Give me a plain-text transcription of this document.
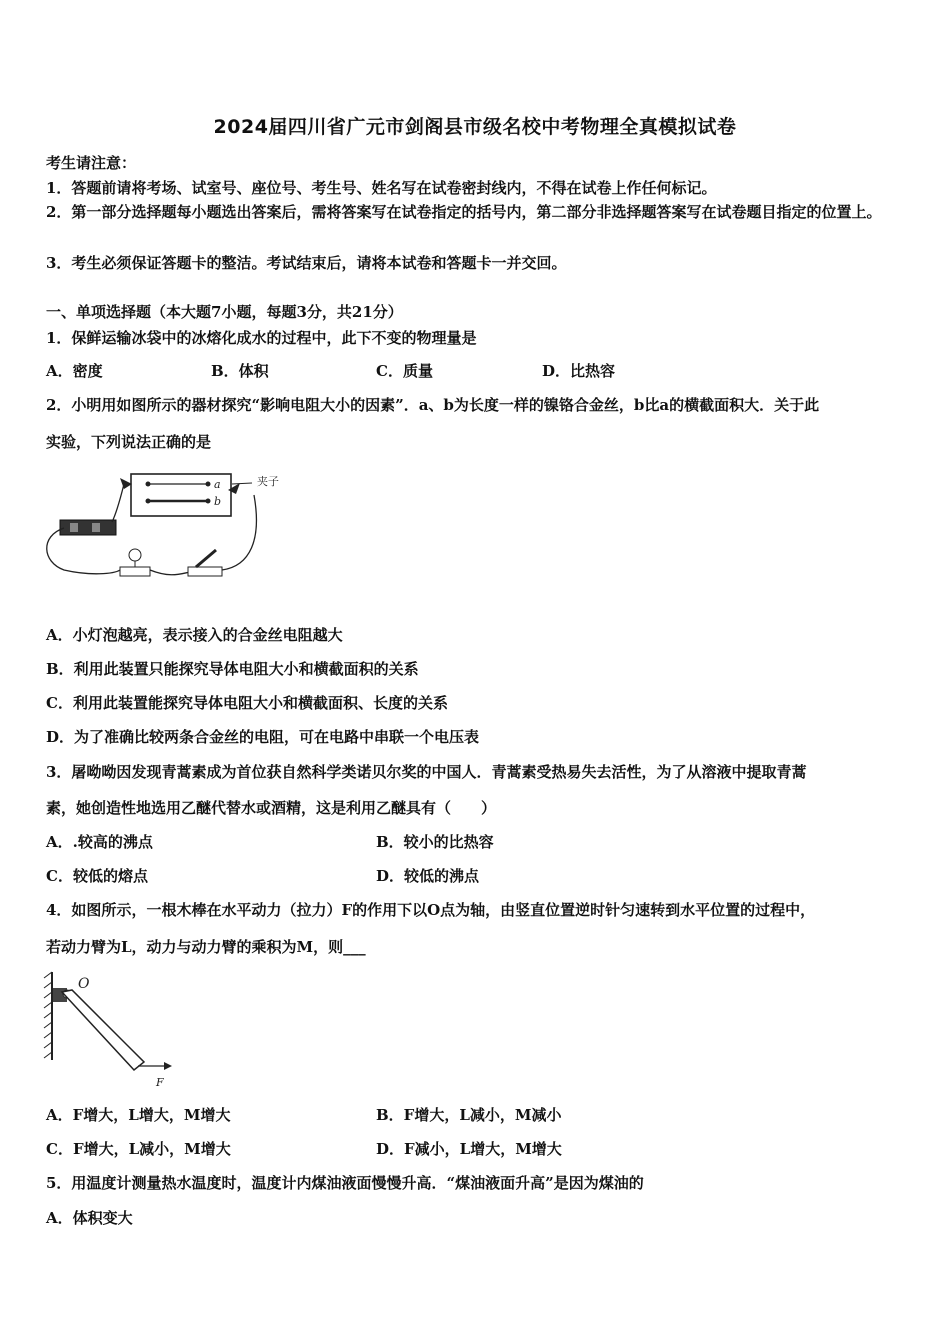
2024届四川省广元市剑阁县市级名校中考物理全真模拟试卷
考生请注意：
1．答题前请将考场、试室号、座位号、考生号、姓名写在试卷密封线内，不得在试卷上作任何标记。
2．第一部分选择题每小题选出答案后，需将答案写在试卷指定的括号内，第二部分非选择题答案写在试卷题目指定的位置上。
3．考生必须保证答题卡的整洁。考试结束后，请将本试卷和答题卡一并交回。
一、单项选择题（本大题7小题，每题3分，共21分）
1．保鲜运输冰袋中的冰熔化成水的过程中，此下不变的物理量是
A．密度	B．体积	C．质量	D．比热容
2．小明用如图所示的器材探究“影响电阻大小的因素”．a、b为长度一样的镍铬合金丝，b比a的横截面积大．关于此
实验，下列说法正确的是
a
b
夹子
A．小灯泡越亮，表示接入的合金丝电阻越大
B．利用此装置只能探究导体电阻大小和横截面积的关系
C．利用此装置能探究导体电阻大小和横截面积、长度的关系
D．为了准确比较两条合金丝的电阻，可在电路中串联一个电压表
3．屠呦呦因发现青蒿素成为首位获自然科学类诺贝尔奖的中国人．青蒿素受热易失去活性，为了从溶液中提取青蒿
素，她创造性地选用乙醚代替水或酒精，这是利用乙醚具有（　　）
A．.较高的沸点	B．较小的比热容
C．较低的熔点	D．较低的沸点
4．如图所示，一根木棒在水平动力（拉力）F的作用下以O点为轴，由竖直位置逆时针匀速转到水平位置的过程中，
若动力臂为L，动力与动力臂的乘积为M，则___
O
F
A．F增大，L增大，M增大	B．F增大，L减小，M减小
C．F增大，L减小，M增大	D．F减小，L增大，M增大
5．用温度计测量热水温度时，温度计内煤油液面慢慢升高．“煤油液面升高”是因为煤油的
A．体积变大
